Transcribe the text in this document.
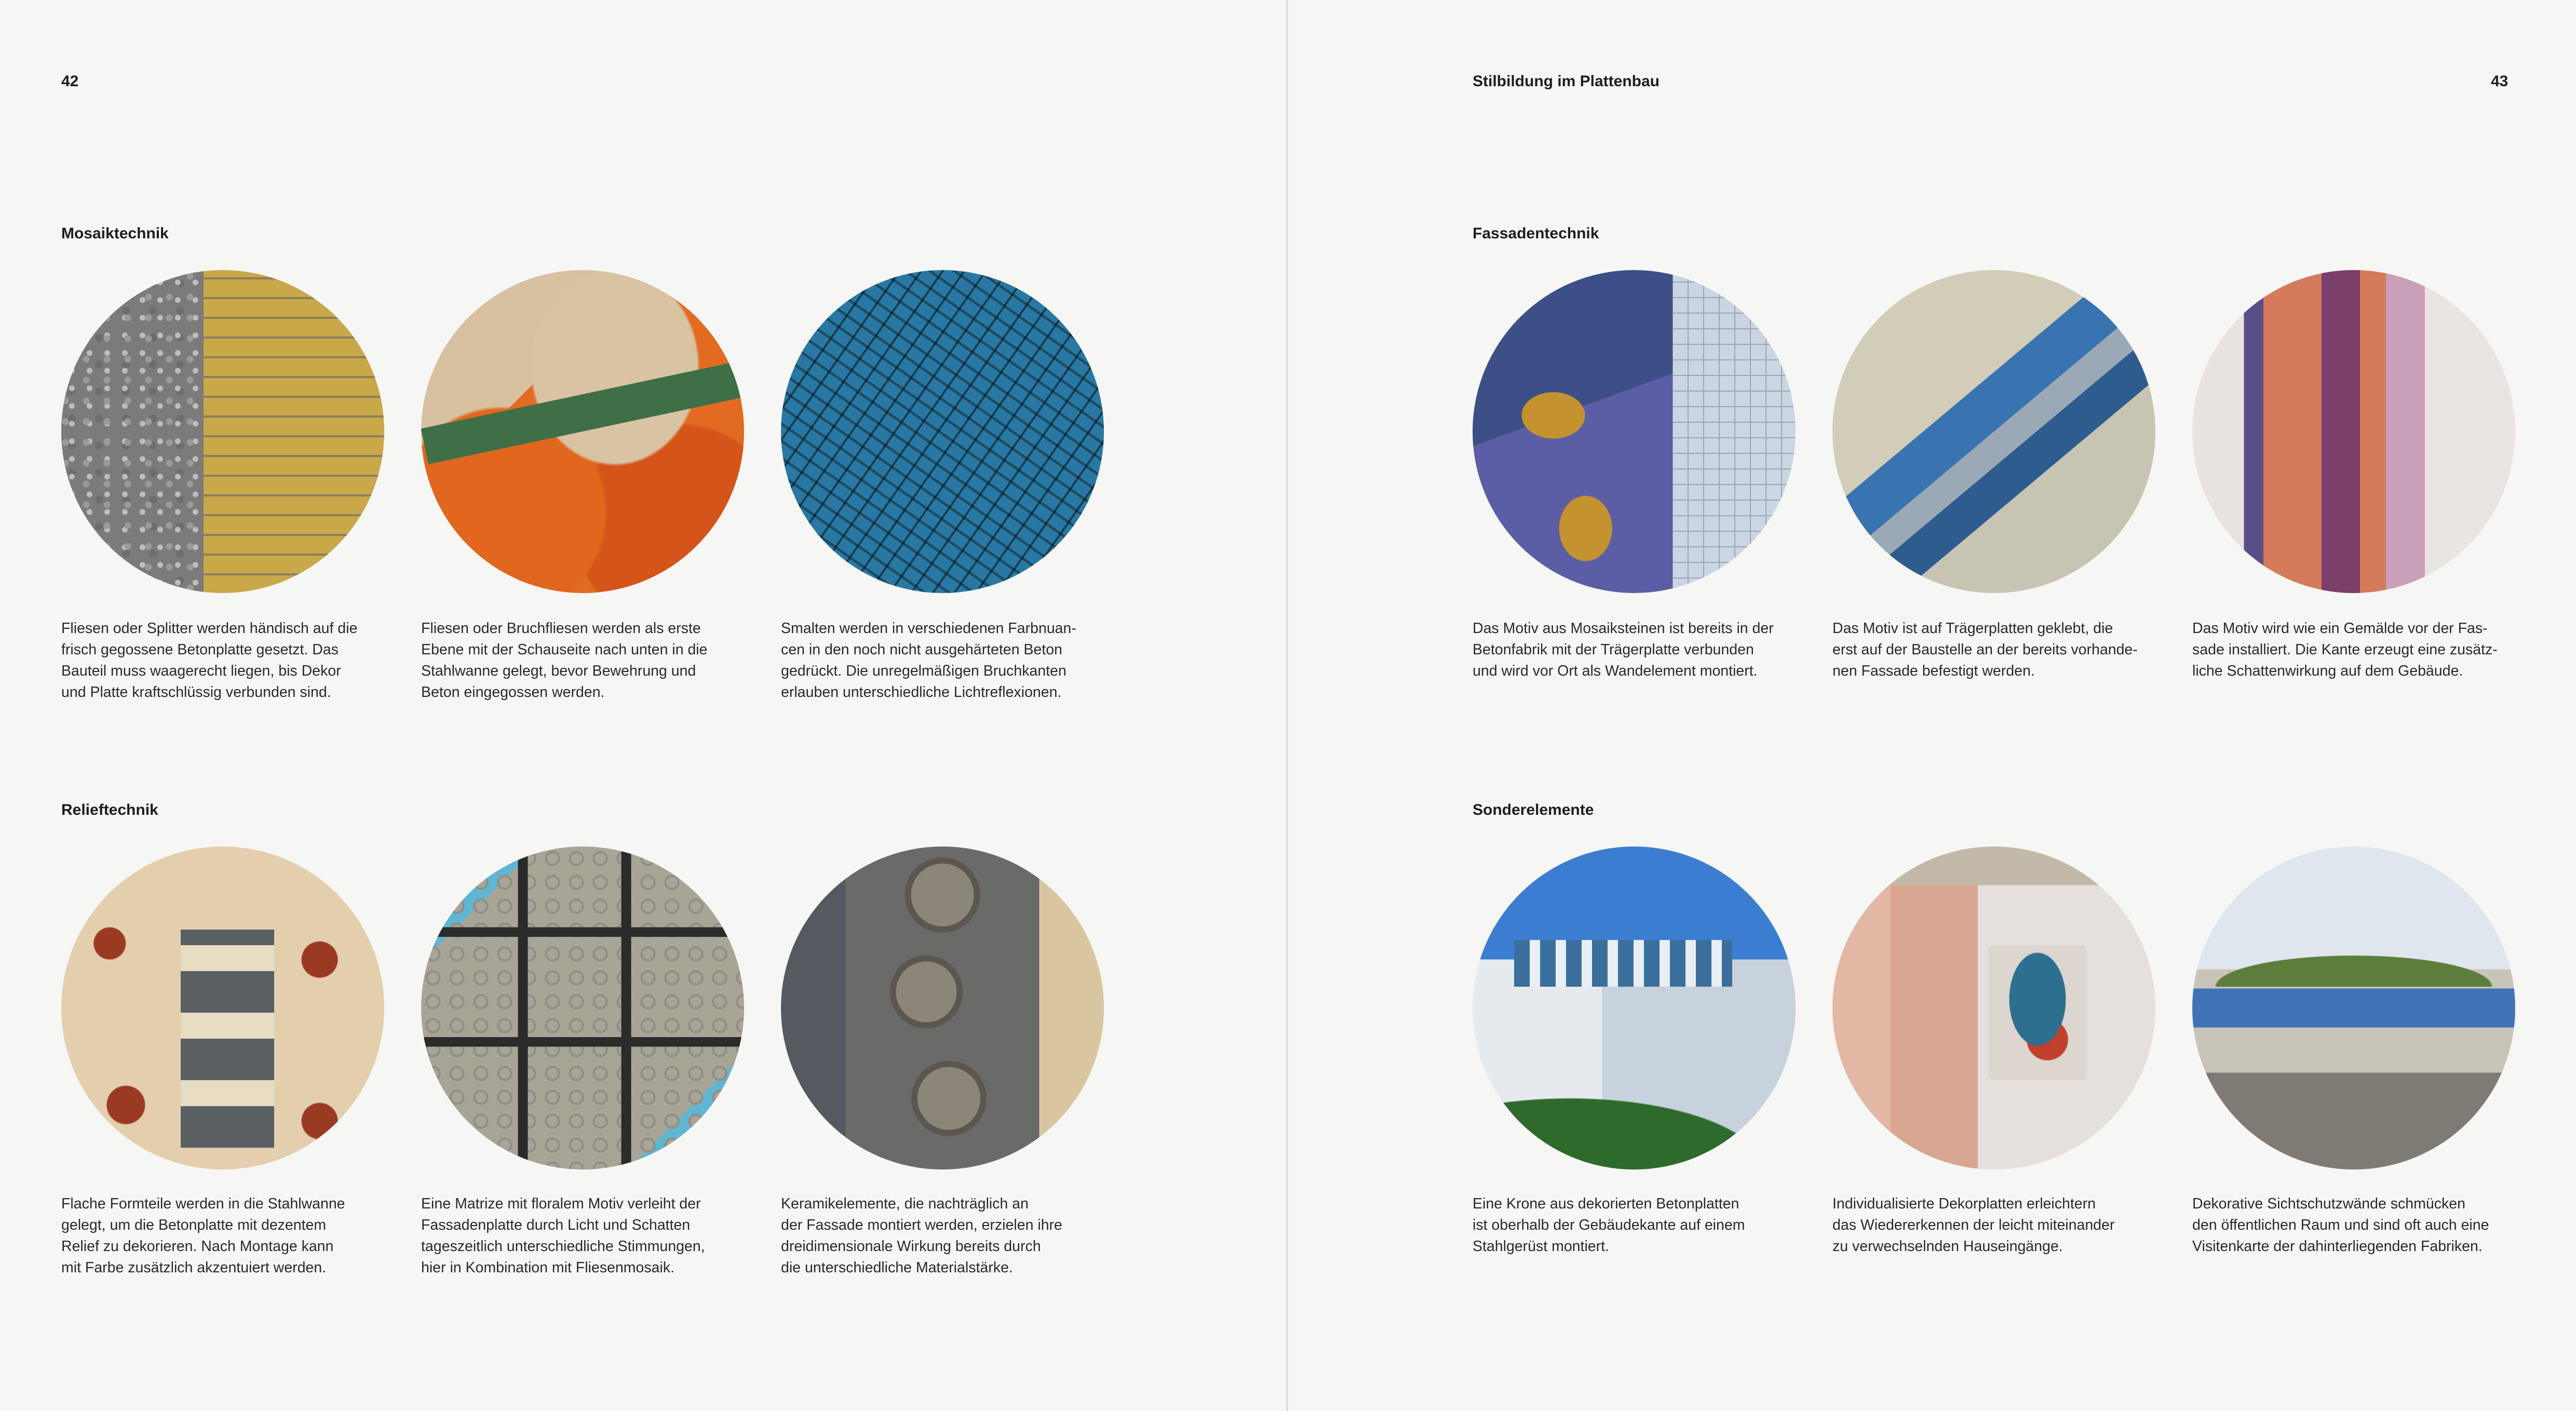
42	Stilbildung im Plattenbau	43
Mosaiktechnik
Fliesen oder Splitter werden händisch auf die
frisch gegossene Betonplatte gesetzt. Das
Bauteil muss waagerecht liegen, bis Dekor
und Platte kraftschlüssig verbunden sind.
Fliesen oder Bruchfliesen werden als erste
Ebene mit der Schauseite nach unten in die
Stahlwanne gelegt, bevor Bewehrung und
Beton eingegossen werden.
Smalten werden in verschiedenen Farbnuan-
cen in den noch nicht ausgehärteten Beton
gedrückt. Die unregelmäßigen Bruchkanten
erlauben unterschiedliche Lichtreflexionen.
Relieftechnik
Flache Formteile werden in die Stahlwanne
gelegt, um die Betonplatte mit dezentem
Relief zu dekorieren. Nach Montage kann
mit Farbe zusätzlich akzentuiert werden.
Eine Matrize mit floralem Motiv verleiht der
Fassadenplatte durch Licht und Schatten
tageszeitlich unterschiedliche Stimmungen,
hier in Kombination mit Fliesenmosaik.
Keramikelemente, die nachträglich an
der Fassade montiert werden, erzielen ihre
dreidimensionale Wirkung bereits durch
die unterschiedliche Materialstärke.
Fassadentechnik
Das Motiv aus Mosaiksteinen ist bereits in der
Betonfabrik mit der Trägerplatte verbunden
und wird vor Ort als Wandelement montiert.
Das Motiv ist auf Trägerplatten geklebt, die
erst auf der Baustelle an der bereits vorhande-
nen Fassade befestigt werden.
Das Motiv wird wie ein Gemälde vor der Fas-
sade installiert. Die Kante erzeugt eine zusätz-
liche Schattenwirkung auf dem Gebäude.
Sonderelemente
Eine Krone aus dekorierten Betonplatten
ist oberhalb der Gebäudekante auf einem
Stahlgerüst montiert.
Individualisierte Dekorplatten erleichtern
das Wiedererkennen der leicht miteinander
zu verwechselnden Hauseingänge.
Dekorative Sichtschutzwände schmücken
den öffentlichen Raum und sind oft auch eine
Visitenkarte der dahinterliegenden Fabriken.
